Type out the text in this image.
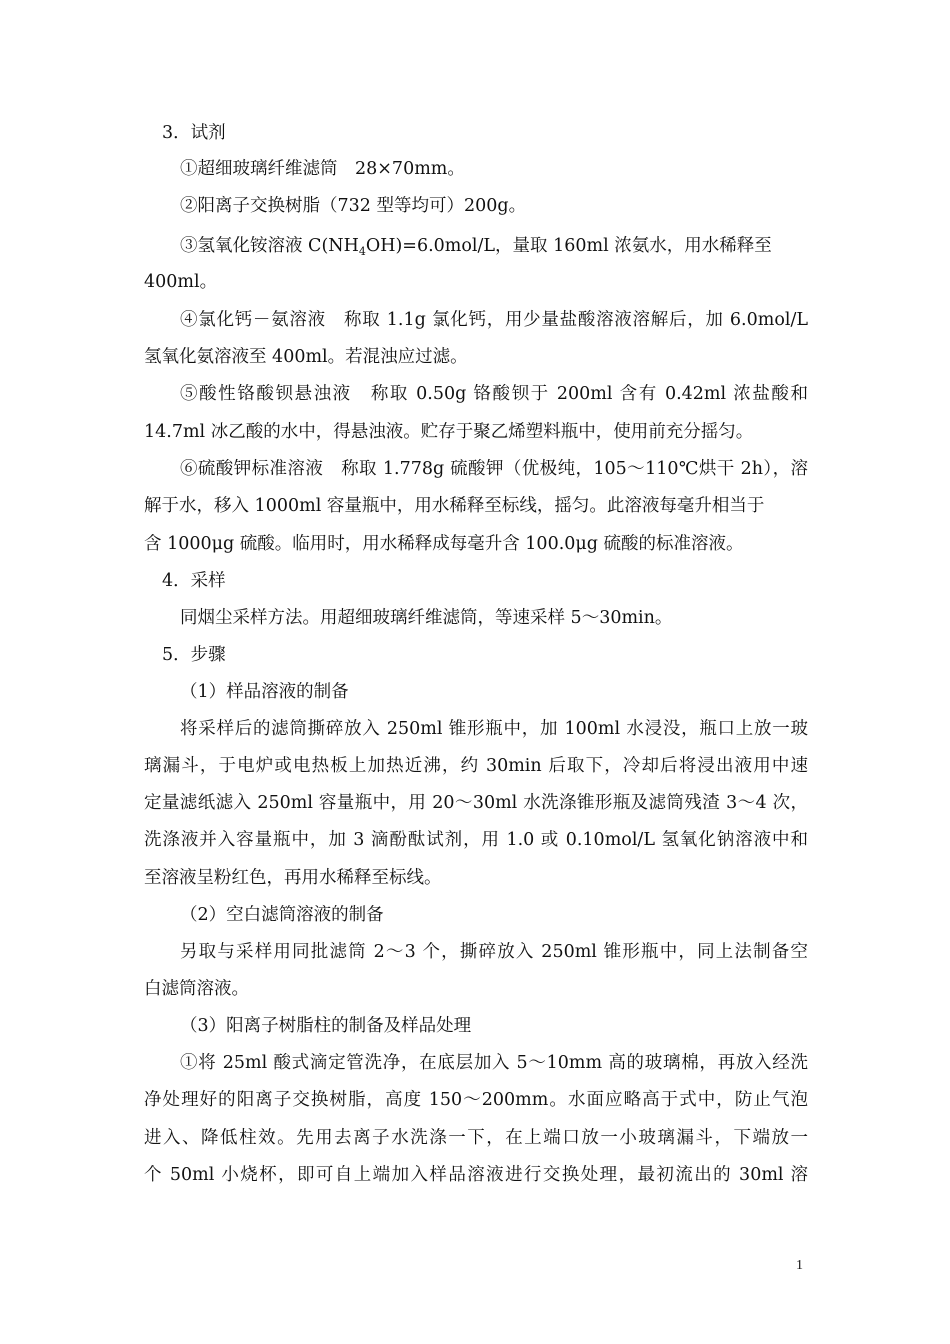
3．试剂
①超细玻璃纤维滤筒　28×70mm。
②阳离子交换树脂（732 型等均可）200g。
③氢氧化铵溶液 $C(NH_4OH)=6.0mol/L$，量取 160ml 浓氨水，用水稀释至
400ml。
④氯化钙－氨溶液　称取 1.1g 氯化钙，用少量盐酸溶液溶解后，加 6.0mol/L
氢氧化氨溶液至 400ml。若混浊应过滤。
⑤酸性铬酸钡悬浊液　称取 0.50g 铬酸钡于 200ml 含有 0.42ml 浓盐酸和
14.7ml 冰乙酸的水中，得悬浊液。贮存于聚乙烯塑料瓶中，使用前充分摇匀。
⑥硫酸钾标准溶液　称取 1.778g 硫酸钾（优极纯，105～110℃烘干 2h），溶
解于水，移入 1000ml 容量瓶中，用水稀释至标线，摇匀。此溶液每毫升相当于
含 1000μg 硫酸。临用时，用水稀释成每毫升含 100.0μg 硫酸的标准溶液。
4．采样
同烟尘采样方法。用超细玻璃纤维滤筒，等速采样 5～30min。
5．步骤
（1）样品溶液的制备
将采样后的滤筒撕碎放入 250ml 锥形瓶中，加 100ml 水浸没，瓶口上放一玻
璃漏斗，于电炉或电热板上加热近沸，约 30min 后取下，冷却后将浸出液用中速
定量滤纸滤入 250ml 容量瓶中，用 20～30ml 水洗涤锥形瓶及滤筒残渣 3～4 次，
洗涤液并入容量瓶中，加 3 滴酚酞试剂，用 1.0 或 0.10mol/L 氢氧化钠溶液中和
至溶液呈粉红色，再用水稀释至标线。
（2）空白滤筒溶液的制备
另取与采样用同批滤筒 2～3 个，撕碎放入 250ml 锥形瓶中，同上法制备空
白滤筒溶液。
（3）阳离子树脂柱的制备及样品处理
①将 25ml 酸式滴定管洗净，在底层加入 5～10mm 高的玻璃棉，再放入经洗
净处理好的阳离子交换树脂，高度 150～200mm。水面应略高于式中，防止气泡
进入、降低柱效。先用去离子水洗涤一下，在上端口放一小玻璃漏斗，下端放一
个 50ml 小烧杯，即可自上端加入样品溶液进行交换处理，最初流出的 30ml 溶
1
